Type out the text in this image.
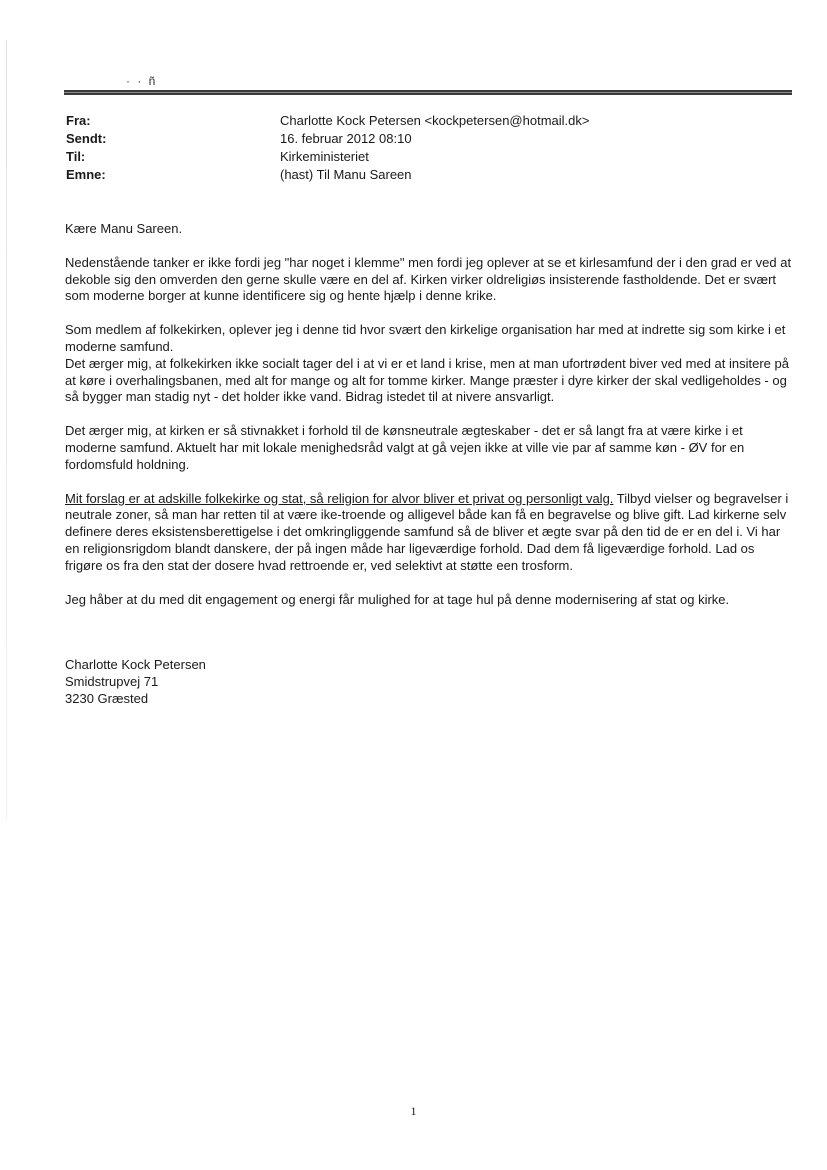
· · ñ
Fra:	Charlotte Kock Petersen <kockpetersen@hotmail.dk>
Sendt:	16. februar 2012 08:10
Til:	Kirkeministeriet
Emne:	(hast) Til Manu Sareen

Kære Manu Sareen.

Nedenstående tanker er ikke fordi jeg "har noget i klemme" men fordi jeg oplever at se et kirlesamfund der i den grad er ved at dekoble sig den omverden den gerne skulle være en del af. Kirken virker oldreligiøs insisterende fastholdende. Det er svært som moderne borger at kunne identificere sig og hente hjælp i denne krike.

Som medlem af folkekirken, oplever jeg i denne tid hvor svært den kirkelige organisation har med at indrette sig som kirke i et moderne samfund.

Det ærger mig, at folkekirken ikke socialt tager del i at vi er et land i krise, men at man ufortrødent biver ved med at insitere på at køre i overhalingsbanen, med alt for mange og alt for tomme kirker. Mange præster i dyre kirker der skal vedligeholdes - og så bygger man stadig nyt - det holder ikke vand. Bidrag istedet til at nivere ansvarligt.

Det ærger mig, at kirken er så stivnakket i forhold til de kønsneutrale ægteskaber - det er så langt fra at være kirke i et moderne samfund. Aktuelt har mit lokale menighedsråd valgt at gå vejen ikke at ville vie par af samme køn - ØV for en fordomsfuld holdning.

Mit forslag er at adskille folkekirke og stat, så religion for alvor bliver et privat og personligt valg. Tilbyd vielser og begravelser i neutrale zoner, så man har retten til at være ike-troende og alligevel både kan få en begravelse og blive gift. Lad kirkerne selv definere deres eksistensberettigelse i det omkringliggende samfund så de bliver et ægte svar på den tid de er en del i. Vi har en religionsrigdom blandt danskere, der på ingen måde har ligeværdige forhold. Dad dem få ligeværdige forhold. Lad os frigøre os fra den stat der dosere hvad rettroende er, ved selektivt at støtte een trosform.

Jeg håber at du med dit engagement og energi får mulighed for at tage hul på denne modernisering af stat og kirke.

Charlotte Kock Petersen
Smidstrupvej 71
3230 Græsted
1
